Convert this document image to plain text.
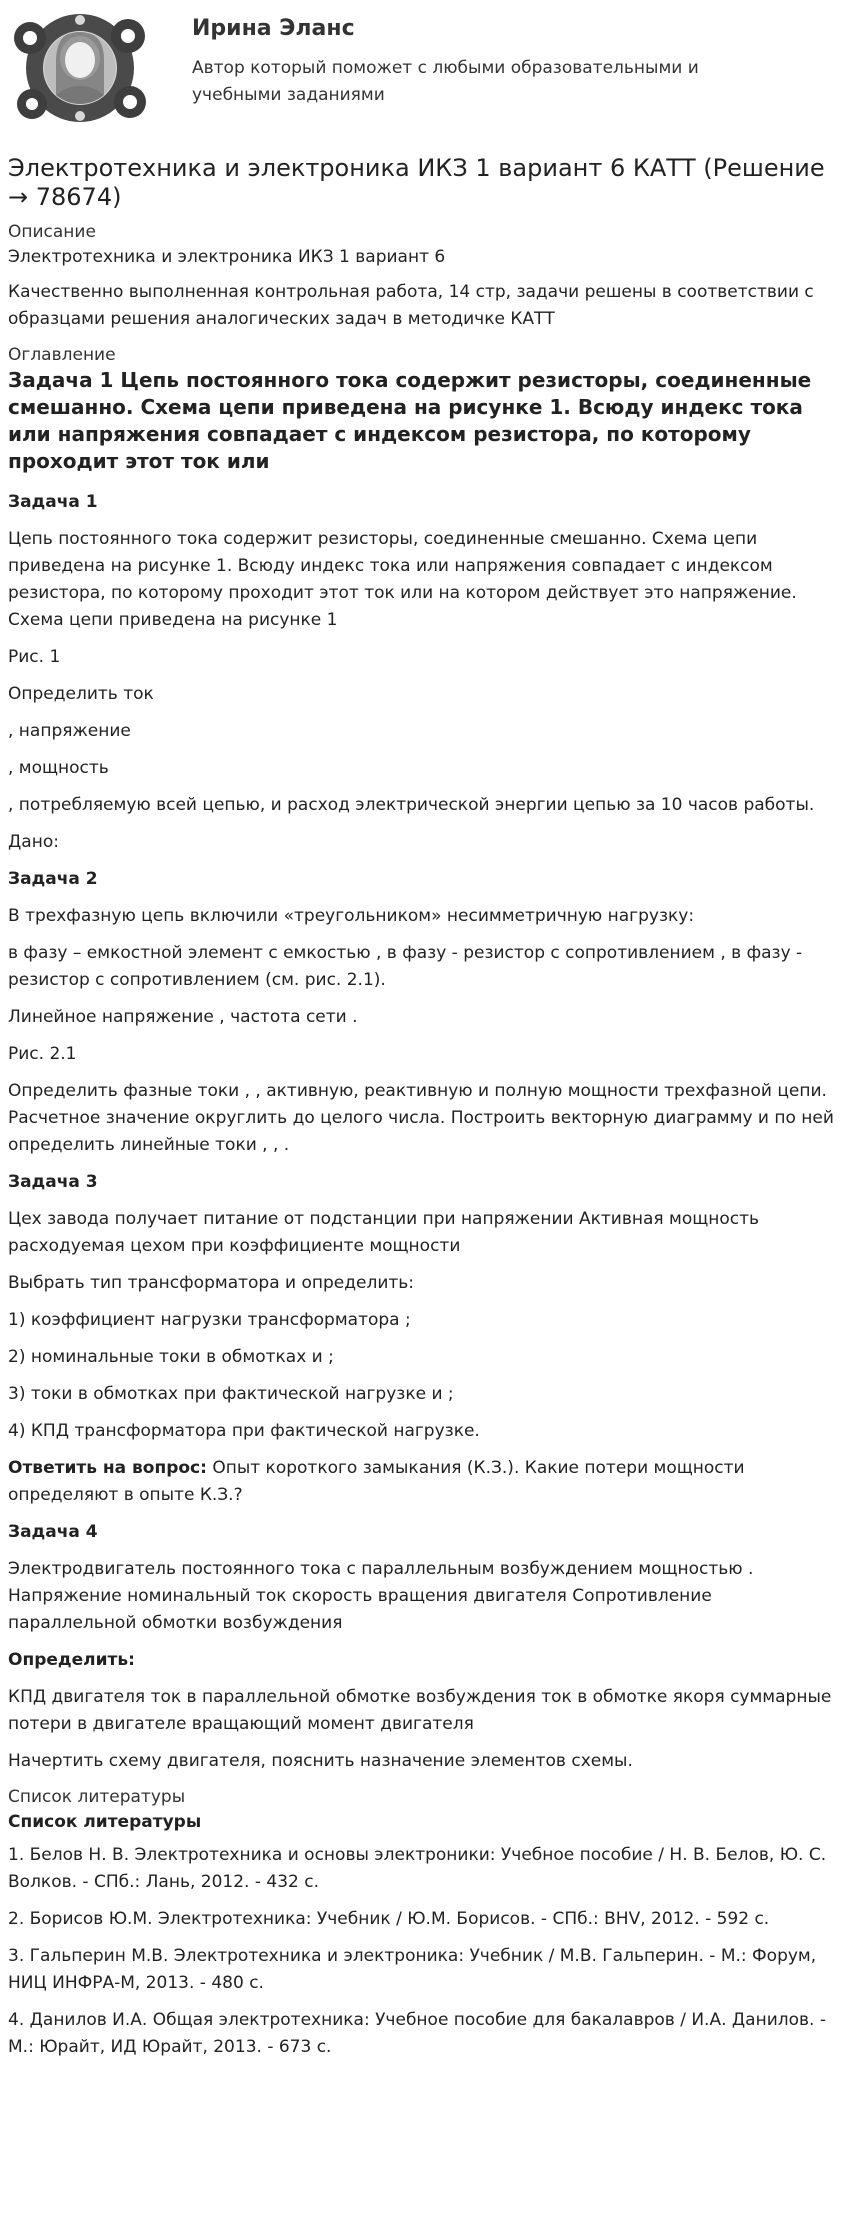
Ирина Эланс
Автор который поможет с любыми образовательными и учебными заданиями
Электротехника и электроника ИКЗ 1 вариант 6 КАТТ (Решение → 78674)
Описание

Электротехника и электроника ИКЗ 1 вариант 6

Качественно выполненная контрольная работа, 14 стр, задачи решены в соответствии с образцами решения аналогических задач в методичке КАТТ

Оглавление
Задача 1 Цепь постоянного тока содержит резисторы, соединенные смешанно. Схема цепи приведена на рисунке 1. Всюду индекс тока или напряжения совпадает с индексом резистора, по которому проходит этот ток или
Задача 1

Цепь постоянного тока содержит резисторы, соединенные смешанно. Схема цепи приведена на рисунке 1. Всюду индекс тока или напряжения совпадает с индексом резистора, по которому проходит этот ток или на котором действует это напряжение. Схема цепи приведена на рисунке 1

Рис. 1

Определить ток

, напряжение

, мощность

, потребляемую всей цепью, и расход электрической энергии цепью за 10 часов работы.

Дано:

Задача 2

В трехфазную цепь включили «треугольником» несимметричную нагрузку:

в фазу – емкостной элемент с емкостью , в фазу - резистор с сопротивлением , в фазу - резистор с сопротивлением (см. рис. 2.1).

Линейное напряжение , частота сети .

Рис. 2.1

Определить фазные токи , , активную, реактивную и полную мощности трехфазной цепи. Расчетное значение округлить до целого числа. Построить векторную диаграмму и по ней определить линейные токи , , .

Задача 3

Цех завода получает питание от подстанции при напряжении Активная мощность расходуемая цехом при коэффициенте мощности

Выбрать тип трансформатора и определить:

1) коэффициент нагрузки трансформатора ;

2) номинальные токи в обмотках и ;

3) токи в обмотках при фактической нагрузке и ;

4) КПД трансформатора при фактической нагрузке.

Ответить на вопрос: Опыт короткого замыкания (К.З.). Какие потери мощности определяют в опыте К.З.?

Задача 4

Электродвигатель постоянного тока с параллельным возбуждением мощностью . Напряжение номинальный ток скорость вращения двигателя Сопротивление параллельной обмотки возбуждения

Определить:

КПД двигателя ток в параллельной обмотке возбуждения ток в обмотке якоря суммарные потери в двигателе вращающий момент двигателя

Начертить схему двигателя, пояснить назначение элементов схемы.

Список литературы
Список литературы

1. Белов Н. В. Электротехника и основы электроники: Учебное пособие / Н. В. Белов, Ю. С. Волков. - СПб.: Лань, 2012. - 432 с.

2. Борисов Ю.М. Электротехника: Учебник / Ю.М. Борисов. - СПб.: BHV, 2012. - 592 с.

3. Гальперин М.В. Электротехника и электроника: Учебник / М.В. Гальперин. - М.: Форум, НИЦ ИНФРА-М, 2013. - 480 с.

4. Данилов И.А. Общая электротехника: Учебное пособие для бакалавров / И.А. Данилов. - М.: Юрайт, ИД Юрайт, 2013. - 673 с.
